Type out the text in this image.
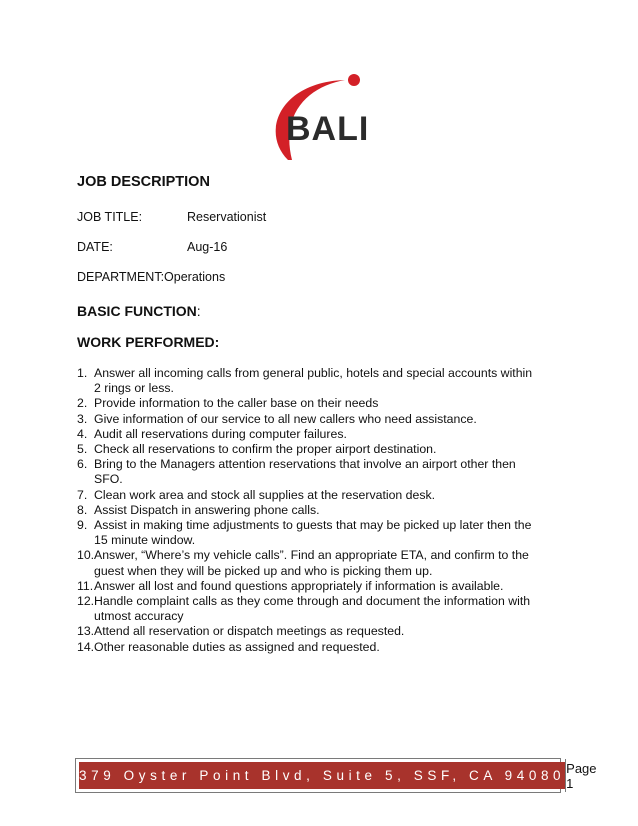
BALI
JOB DESCRIPTION
JOB TITLE:	Reservationist
DATE:	Aug-16
DEPARTMENT:Operations
BASIC FUNCTION:
WORK PERFORMED:
1. Answer all incoming calls from general public, hotels and special accounts within 2 rings or less.
2. Provide information to the caller base on their needs
3. Give information of our service to all new callers who need assistance.
4. Audit all reservations during computer failures.
5. Check all reservations to confirm the proper airport destination.
6. Bring to the Managers attention reservations that involve an airport other then SFO.
7. Clean work area and stock all supplies at the reservation desk.
8. Assist Dispatch in answering phone calls.
9. Assist in making time adjustments to guests that may be picked up later then the 15 minute window.
10. Answer, “Where’s my vehicle calls”. Find an appropriate ETA, and confirm to the guest when they will be picked up and who is picking them up.
11. Answer all lost and found questions appropriately if information is available.
12. Handle complaint calls as they come through and document the information with utmost accuracy
13. Attend all reservation or dispatch meetings as requested.
14. Other reasonable duties as assigned and requested.
379 Oyster Point Blvd, Suite 5, SSF, CA 94080 Page 1
